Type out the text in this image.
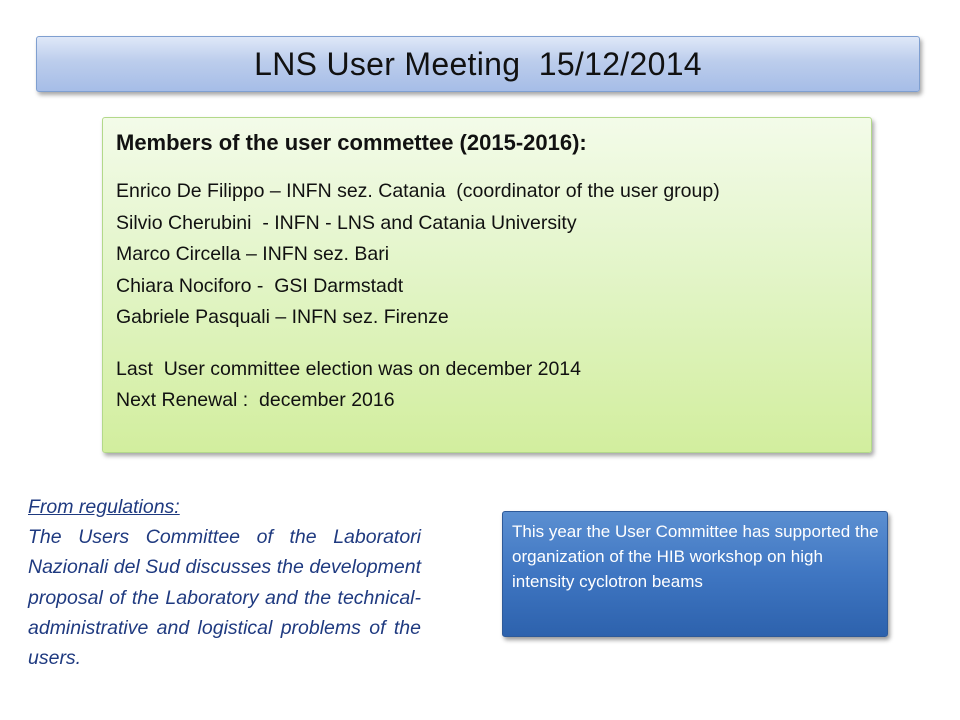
LNS User Meeting  15/12/2014
Members of the user commettee (2015-2016):
Enrico De Filippo – INFN sez. Catania  (coordinator of the user group)
Silvio Cherubini  - INFN - LNS and Catania University
Marco Circella – INFN sez. Bari
Chiara Nociforo -  GSI Darmstadt
Gabriele Pasquali – INFN sez. Firenze
Last  User committee election was on december 2014
Next Renewal :  december 2016
From regulations:
The Users Committee of the Laboratori Nazionali del Sud discusses the development proposal of the Laboratory and the technical-administrative and logistical problems of the users.
This year the User Committee has supported the organization of the HIB workshop on high intensity cyclotron beams
